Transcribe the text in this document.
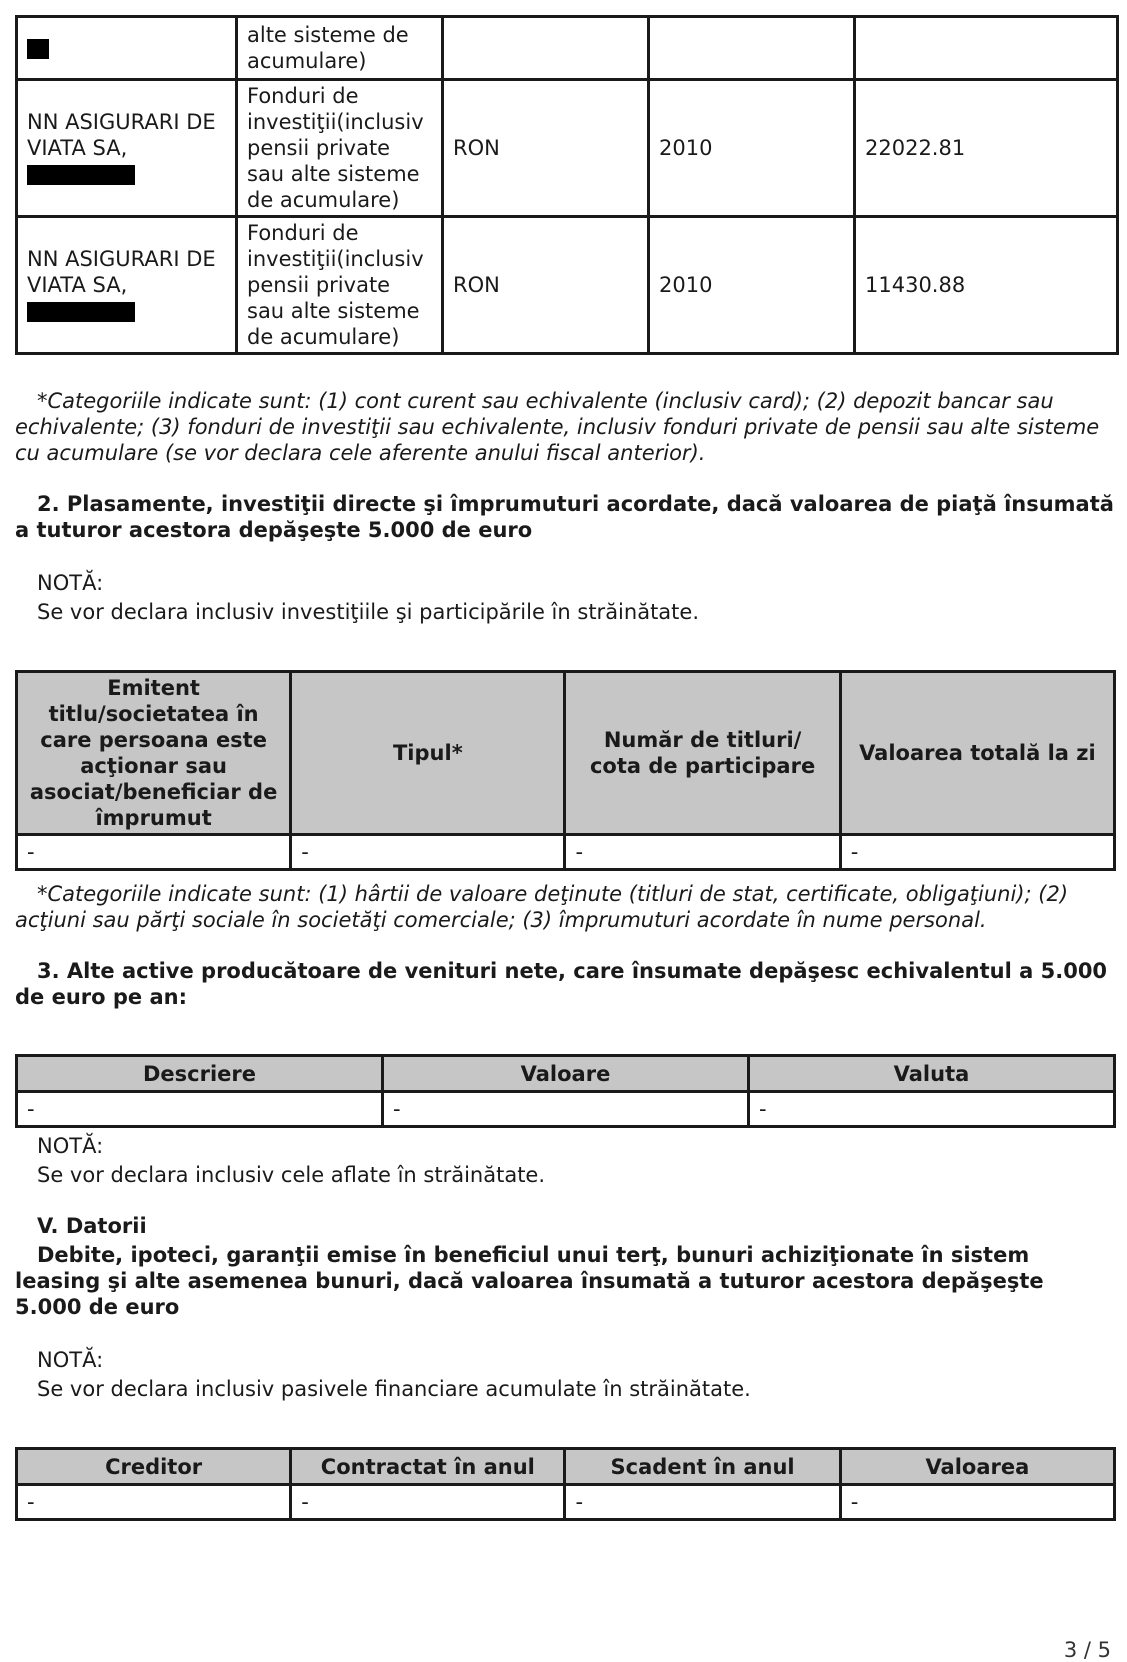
	alte sisteme de acumulare)			

NN ASIGURARI DE VIATA SA,	Fonduri de investiţii(inclusiv pensii private sau alte sisteme de acumulare)	RON	2010	22022.81

NN ASIGURARI DE VIATA SA,	Fonduri de investiţii(inclusiv pensii private sau alte sisteme de acumulare)	RON	2010	11430.88

*Categoriile indicate sunt: (1) cont curent sau echivalente (inclusiv card); (2) depozit bancar sau echivalente; (3) fonduri de investiţii sau echivalente, inclusiv fonduri private de pensii sau alte sisteme cu acumulare (se vor declara cele aferente anului fiscal anterior).

2. Plasamente, investiţii directe şi împrumuturi acordate, dacă valoarea de piaţă însumată a tuturor acestora depăşeşte 5.000 de euro

NOTĂ:

Se vor declara inclusiv investiţiile şi participările în străinătate.

Emitent titlu/societatea în care persoana este acţionar sau asociat/beneficiar de împrumut	Tipul*	Număr de titluri/ cota de participare	Valoarea totală la zi
-	-	-	-

*Categoriile indicate sunt: (1) hârtii de valoare deţinute (titluri de stat, certificate, obligaţiuni); (2) acţiuni sau părţi sociale în societăţi comerciale; (3) împrumuturi acordate în nume personal.

3. Alte active producătoare de venituri nete, care însumate depăşesc echivalentul a 5.000 de euro pe an:

Descriere	Valoare	Valuta
-	-	-

NOTĂ:

Se vor declara inclusiv cele aflate în străinătate.

V. Datorii

Debite, ipoteci, garanţii emise în beneficiul unui terţ, bunuri achiziţionate în sistem leasing şi alte asemenea bunuri, dacă valoarea însumată a tuturor acestora depăşeşte 5.000 de euro

NOTĂ:

Se vor declara inclusiv pasivele financiare acumulate în străinătate.

Creditor	Contractat în anul	Scadent în anul	Valoarea
-	-	-	-
3 / 5
